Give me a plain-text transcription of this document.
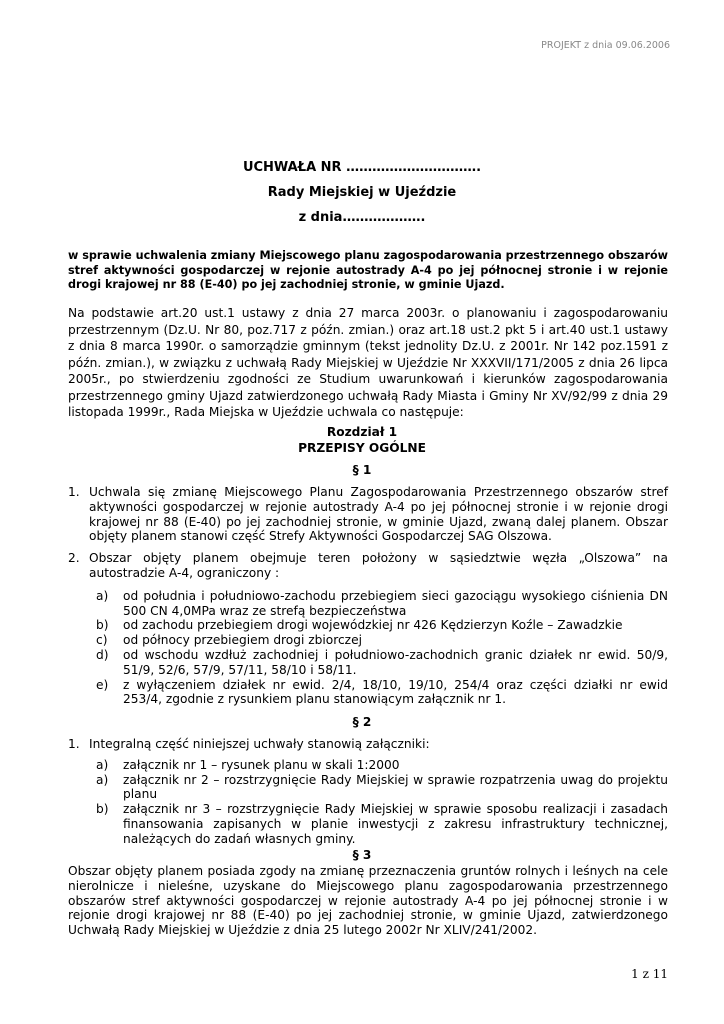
PROJEKT z dnia 09.06.2006
UCHWAŁA NR ………………………….
Rady Miejskiej w Ujeździe
z dnia……………….
w sprawie uchwalenia zmiany Miejscowego planu zagospodarowania przestrzennego obszarów stref aktywności gospodarczej w rejonie autostrady A-4 po jej północnej stronie i w rejonie drogi krajowej nr 88 (E-40) po jej zachodniej stronie, w gminie Ujazd.
Na podstawie art.20 ust.1 ustawy z dnia 27 marca 2003r. o planowaniu i zagospodarowaniu przestrzennym (Dz.U. Nr 80, poz.717 z późn. zmian.) oraz art.18 ust.2 pkt 5 i art.40 ust.1 ustawy z dnia 8 marca 1990r. o samorządzie gminnym (tekst jednolity Dz.U. z 2001r. Nr 142 poz.1591 z późn. zmian.), w związku z uchwałą Rady Miejskiej w Ujeździe Nr XXXVII/171/2005 z dnia 26 lipca 2005r., po stwierdzeniu zgodności ze Studium uwarunkowań i kierunków zagospodarowania przestrzennego gminy Ujazd zatwierdzonego uchwałą Rady Miasta i Gminy Nr XV/92/99 z dnia 29 listopada 1999r., Rada Miejska w Ujeździe uchwala co następuje:
Rozdział 1
PRZEPISY OGÓLNE
§ 1
1. Uchwala się zmianę Miejscowego Planu Zagospodarowania Przestrzennego obszarów stref aktywności gospodarczej w rejonie autostrady A-4 po jej północnej stronie i w rejonie drogi krajowej nr 88 (E-40) po jej zachodniej stronie, w gminie Ujazd, zwaną dalej planem. Obszar objęty planem stanowi część Strefy Aktywności Gospodarczej SAG Olszowa.
2. Obszar objęty planem obejmuje teren położony w sąsiedztwie węzła „Olszowa” na autostradzie A-4, ograniczony :
a) od południa i południowo-zachodu przebiegiem sieci gazociągu wysokiego ciśnienia DN 500 CN 4,0MPa wraz ze strefą bezpieczeństwa
b) od zachodu przebiegiem drogi wojewódzkiej nr 426 Kędzierzyn Koźle – Zawadzkie
c) od północy przebiegiem drogi zbiorczej
d) od wschodu wzdłuż zachodniej i południowo-zachodnich granic działek nr ewid. 50/9, 51/9, 52/6, 57/9, 57/11, 58/10 i 58/11.
e) z wyłączeniem działek nr ewid. 2/4, 18/10, 19/10, 254/4 oraz części działki nr ewid 253/4, zgodnie z rysunkiem planu stanowiącym załącznik nr 1.
§ 2
1. Integralną część niniejszej uchwały stanowią załączniki:
a) załącznik nr 1 – rysunek planu w skali 1:2000
a) załącznik nr 2 – rozstrzygnięcie Rady Miejskiej w sprawie rozpatrzenia uwag do projektu planu
b) załącznik nr 3 – rozstrzygnięcie Rady Miejskiej w sprawie sposobu realizacji i zasadach finansowania zapisanych w planie inwestycji z zakresu infrastruktury technicznej, należących do zadań własnych gminy.
§ 3
Obszar objęty planem posiada zgody na zmianę przeznaczenia gruntów rolnych i leśnych na cele nierolnicze i nieleśne, uzyskane do Miejscowego planu zagospodarowania przestrzennego obszarów stref aktywności gospodarczej w rejonie autostrady A-4 po jej północnej stronie i w rejonie drogi krajowej nr 88 (E-40) po jej zachodniej stronie, w gminie Ujazd, zatwierdzonego Uchwałą Rady Miejskiej w Ujeździe z dnia 25 lutego 2002r Nr XLIV/241/2002.
1 z 11
